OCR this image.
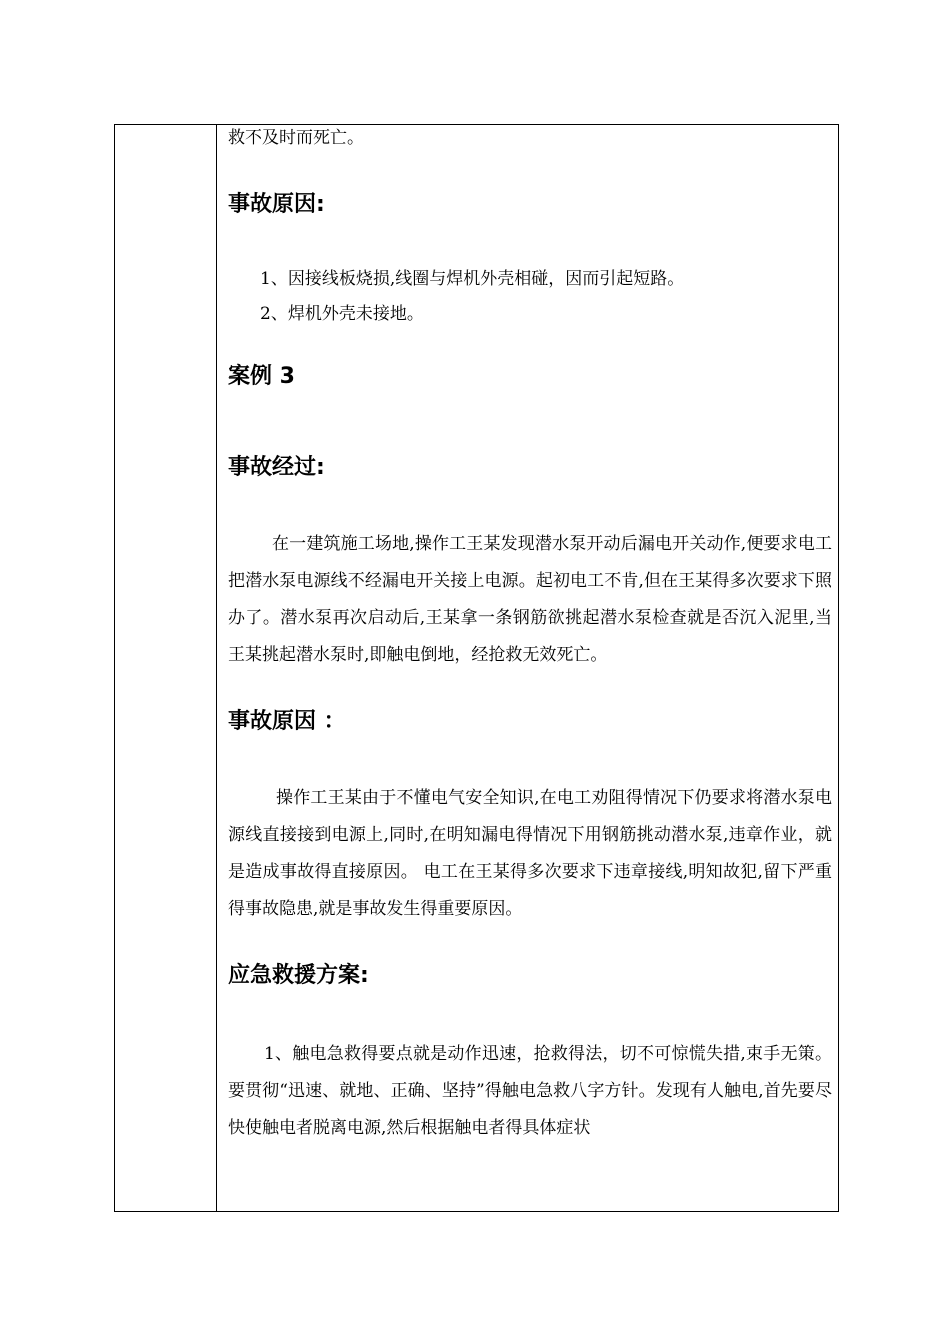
救不及时而死亡。

事故原因:

1、因接线板烧损,线圈与焊机外壳相碰，因而引起短路。

2、焊机外壳未接地。

案例 3
事故经过:

在一建筑施工场地,操作工王某发现潜水泵开动后漏电开关动作,便要求电工把潜水泵电源线不经漏电开关接上电源。起初电工不肯,但在王某得多次要求下照办了。潜水泵再次启动后,王某拿一条钢筋欲挑起潜水泵检查就是否沉入泥里,当王某挑起潜水泵时,即触电倒地，经抢救无效死亡。

事故原因 ：

操作工王某由于不懂电气安全知识,在电工劝阻得情况下仍要求将潜水泵电源线直接接到电源上,同时,在明知漏电得情况下用钢筋挑动潜水泵,违章作业，就是造成事故得直接原因。 电工在王某得多次要求下违章接线,明知故犯,留下严重得事故隐患,就是事故发生得重要原因。

应急救援方案:

1、触电急救得要点就是动作迅速，抢救得法，切不可惊慌失措,束手无策。要贯彻“迅速、就地、正确、坚持”得触电急救八字方针。发现有人触电,首先要尽快使触电者脱离电源,然后根据触电者得具体症状
